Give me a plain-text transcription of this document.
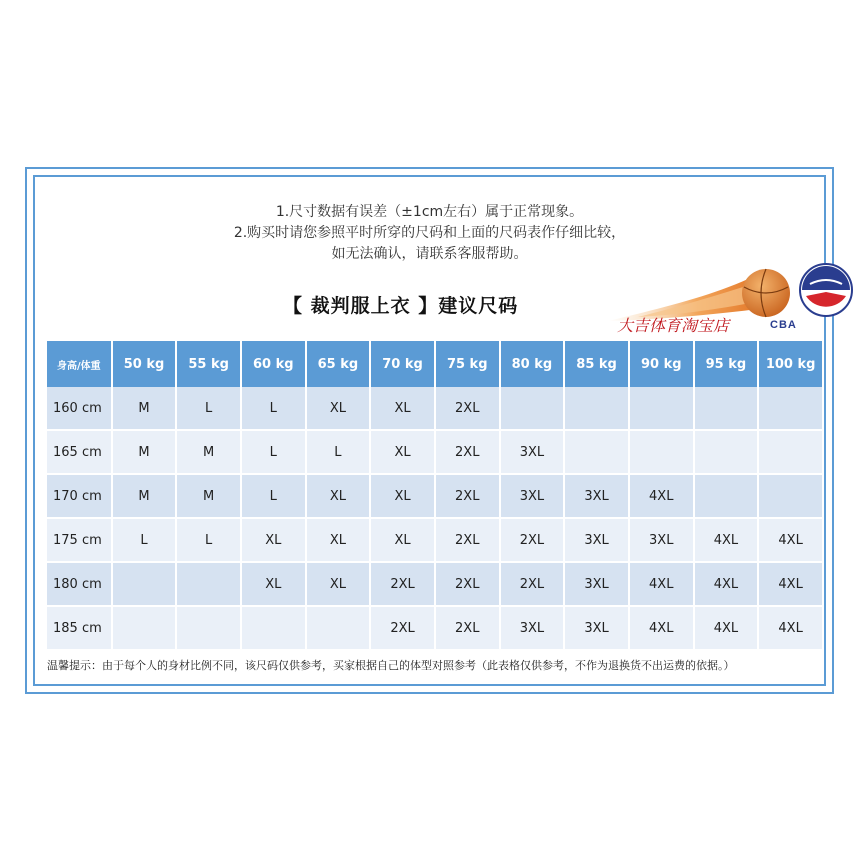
1.尺寸数据有误差（±1cm左右）属于正常现象。
2.购买时请您参照平时所穿的尺码和上面的尺码表作仔细比较，
如无法确认，请联系客服帮助。
【 裁判服上衣 】建议尺码
大吉体育淘宝店	CBA
身高/体重	50 kg	55 kg	60 kg	65 kg	70 kg	75 kg	80 kg	85 kg	90 kg	95 kg	100 kg
160 cm	M	L	L	XL	XL	2XL					
165 cm	M	M	L	L	XL	2XL	3XL				
170 cm	M	M	L	XL	XL	2XL	3XL	3XL	4XL		
175 cm	L	L	XL	XL	XL	2XL	2XL	3XL	3XL	4XL	4XL
180 cm			XL	XL	2XL	2XL	2XL	3XL	4XL	4XL	4XL
185 cm					2XL	2XL	3XL	3XL	4XL	4XL	4XL
温馨提示：由于每个人的身材比例不同，该尺码仅供参考，买家根据自己的体型对照参考（此表格仅供参考，不作为退换货不出运费的依据。）
